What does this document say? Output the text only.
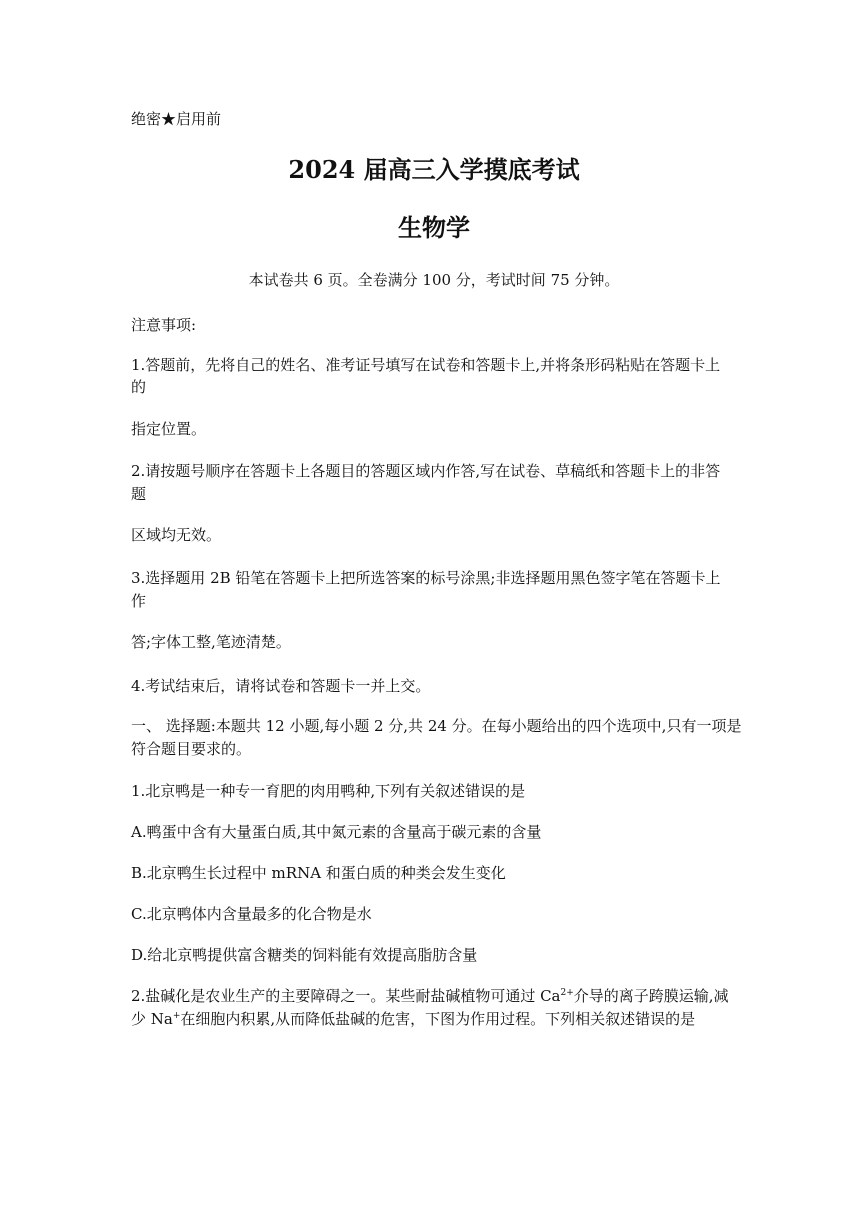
绝密★启用前
2024 届高三入学摸底考试
生物学
本试卷共 6 页。全卷满分 100 分，考试时间 75 分钟。
注意事项:
1.答题前，先将自己的姓名、准考证号填写在试卷和答题卡上,并将条形码粘贴在答题卡上
的
指定位置。
2.请按题号顺序在答题卡上各题目的答题区域内作答,写在试卷、草稿纸和答题卡上的非答
题
区域均无效。
3.选择题用 2B 铅笔在答题卡上把所选答案的标号涂黑;非选择题用黑色签字笔在答题卡上
作
答;字体工整,笔迹清楚。
4.考试结束后，请将试卷和答题卡一并上交。
一、 选择题:本题共 12 小题,每小题 2 分,共 24 分。在每小题给出的四个选项中,只有一项是
符合题目要求的。
1.北京鸭是一种专一育肥的肉用鸭种,下列有关叙述错误的是
A.鸭蛋中含有大量蛋白质,其中氮元素的含量高于碳元素的含量
B.北京鸭生长过程中 mRNA 和蛋白质的种类会发生变化
C.北京鸭体内含量最多的化合物是水
D.给北京鸭提供富含糖类的饲料能有效提高脂肪含量
2.盐碱化是农业生产的主要障碍之一。某些耐盐碱植物可通过 $Ca^{2+}$介导的离子跨膜运输,减
少 Na+在细胞内积累,从而降低盐碱的危害，下图为作用过程。下列相关叙述错误的是
